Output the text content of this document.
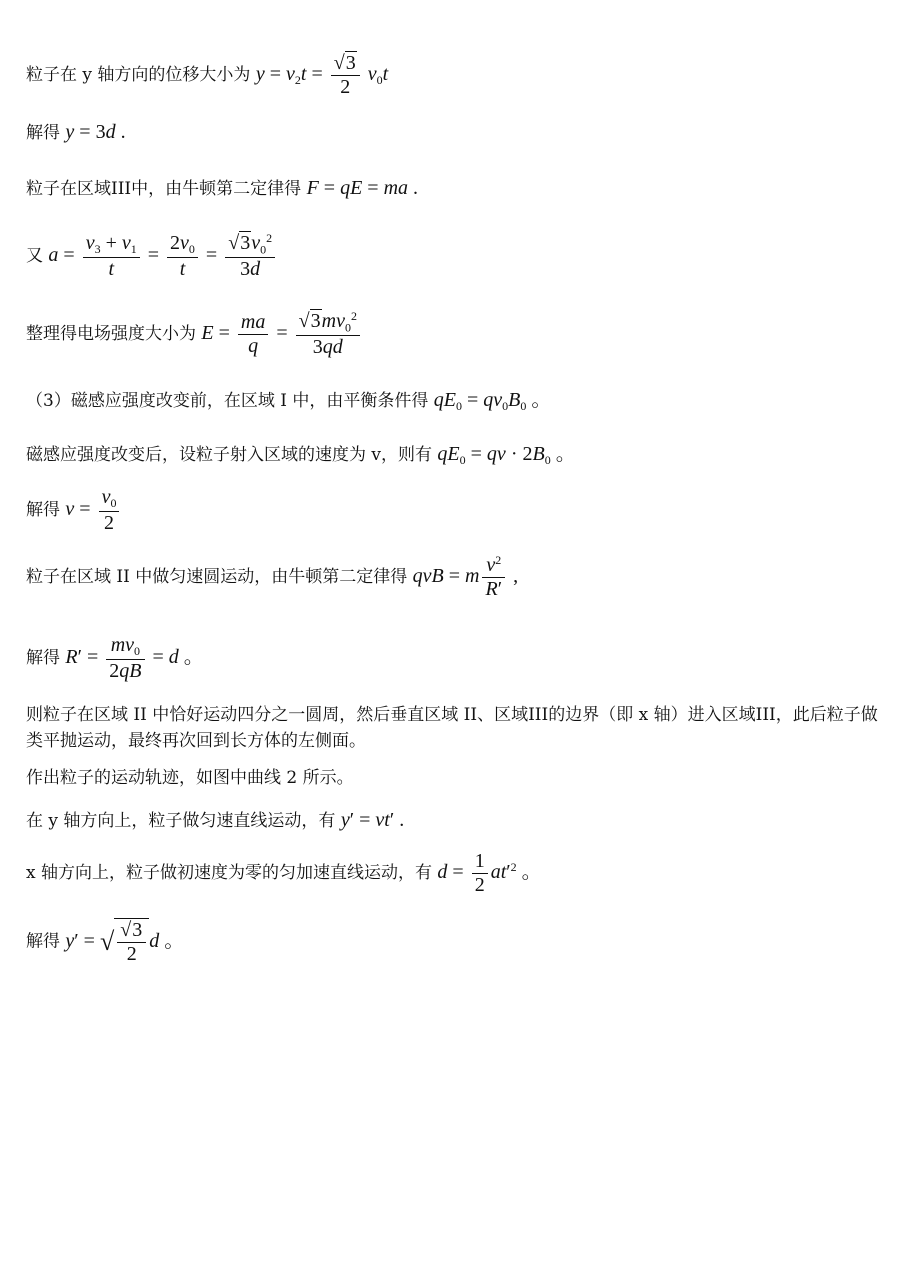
粒子在 y 轴方向的位移大小为 $y = v_2t = \frac{√3}{2} v_0t$
解得 y = 3d .
粒子在区域III中，由牛顿第二定律得 F = qE = ma .
又 $a = \frac{v_3 + v_1}{t} = \frac{2v_0}{t} = \frac{√3v_0^2}{3d}$
整理得电场强度大小为 $E = \frac{ma}{q} = \frac{√3mv_0^2}{3qd}$
（3）磁感应强度改变前，在区域 I 中，由平衡条件得 $qE_0 = qv_0B_0$ 。
磁感应强度改变后，设粒子射入区域的速度为 v，则有 $qE_0$ = qv · $2B_0$ 。
解得 $v = \frac{v_0}{2}$
粒子在区域 II 中做匀速圆运动，由牛顿第二定律得 qvB = m $\frac{v^2}{R'}$ ,
解得 $R' = \frac{mv_0}{2qB} = d$ 。
则粒子在区域 II 中恰好运动四分之一圆周，然后垂直区域 II、区域III的边界（即 x 轴）进入区域III，此后粒子做类平抛运动，最终再次回到长方体的左侧面。
作出粒子的运动轨迹，如图中曲线 2 所示。
在 y 轴方向上，粒子做匀速直线运动，有 y′ = vt′ .
x 轴方向上，粒子做初速度为零的匀加速直线运动，有 $d = \frac{1}{2} at'^2$ 。
解得 y′ = √ $\frac{√3}{2}$ d 。
